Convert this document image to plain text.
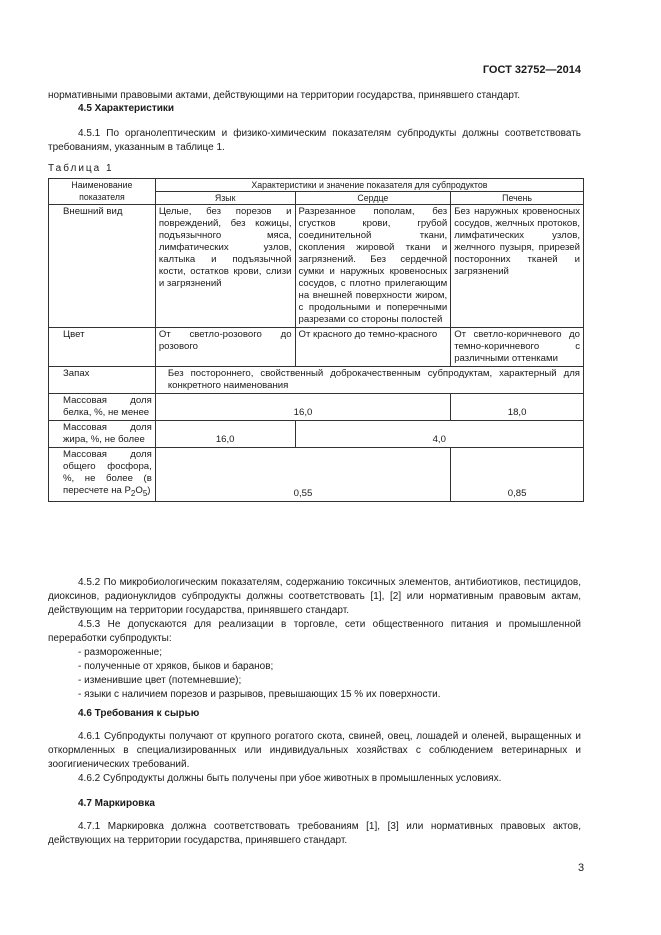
ГОСТ 32752—2014
нормативными правовыми актами, действующими на территории государства, принявшего стандарт.
4.5 Характеристики
4.5.1 По органолептическим и физико-химическим показателям субпродукты должны соответствовать требованиям, указанным в таблице 1.
Таблица 1
Наименование показателя	Характеристики и значение показателя для субпродуктов		
	Язык	Сердце	Печень
Внешний вид	Целые, без порезов и повреждений, без кожицы, подъязычного мяса, лимфатических узлов, калтыка и подъязычной кости, остатков крови, слизи и загрязнений	Разрезанное пополам, без сгустков крови, грубой соединительной ткани, скопления жировой ткани и загрязнений. Без сердечной сумки и наружных кровеносных сосудов, с плотно прилегающим на внешней поверхности жиром, с продольными и поперечными разрезами со стороны полостей	Без наружных кровеносных сосудов, желчных протоков, лимфатических узлов, желчного пузыря, прирезей посторонних тканей и загрязнений
Цвет	От светло-розового до розового	От красного до темно-красного	От светло-коричневого до темно-коричневого с различными оттенками
Запах	Без постороннего, свойственный доброкачественным субпродуктам, характерный для конкретного наименования		
Массовая доля белка, %, не менее	16,0		18,0
Массовая доля жира, %, не более	16,0	4,0	
Массовая доля общего фосфора, %, не более (в пересчете на $P_2O_5$)	0,55		0,85
4.5.2 По микробиологическим показателям, содержанию токсичных элементов, антибиотиков, пестицидов, диоксинов, радионуклидов субпродукты должны соответствовать [1], [2] или нормативным правовым актам, действующим на территории государства, принявшего стандарт.
4.5.3 Не допускаются для реализации в торговле, сети общественного питания и промышленной переработки субпродукты:
- размороженные;
- полученные от хряков, быков и баранов;
- изменившие цвет (потемневшие);
- языки с наличием порезов и разрывов, превышающих 15 % их поверхности.
4.6 Требования к сырью
4.6.1 Субпродукты получают от крупного рогатого скота, свиней, овец, лошадей и оленей, выращенных и откормленных в специализированных или индивидуальных хозяйствах с соблюдением ветеринарных и зоогигиенических требований.
4.6.2 Субпродукты должны быть получены при убое животных в промышленных условиях.
4.7 Маркировка
4.7.1 Маркировка должна соответствовать требованиям [1], [3] или нормативных правовых актов, действующих на территории государства, принявшего стандарт.
3
